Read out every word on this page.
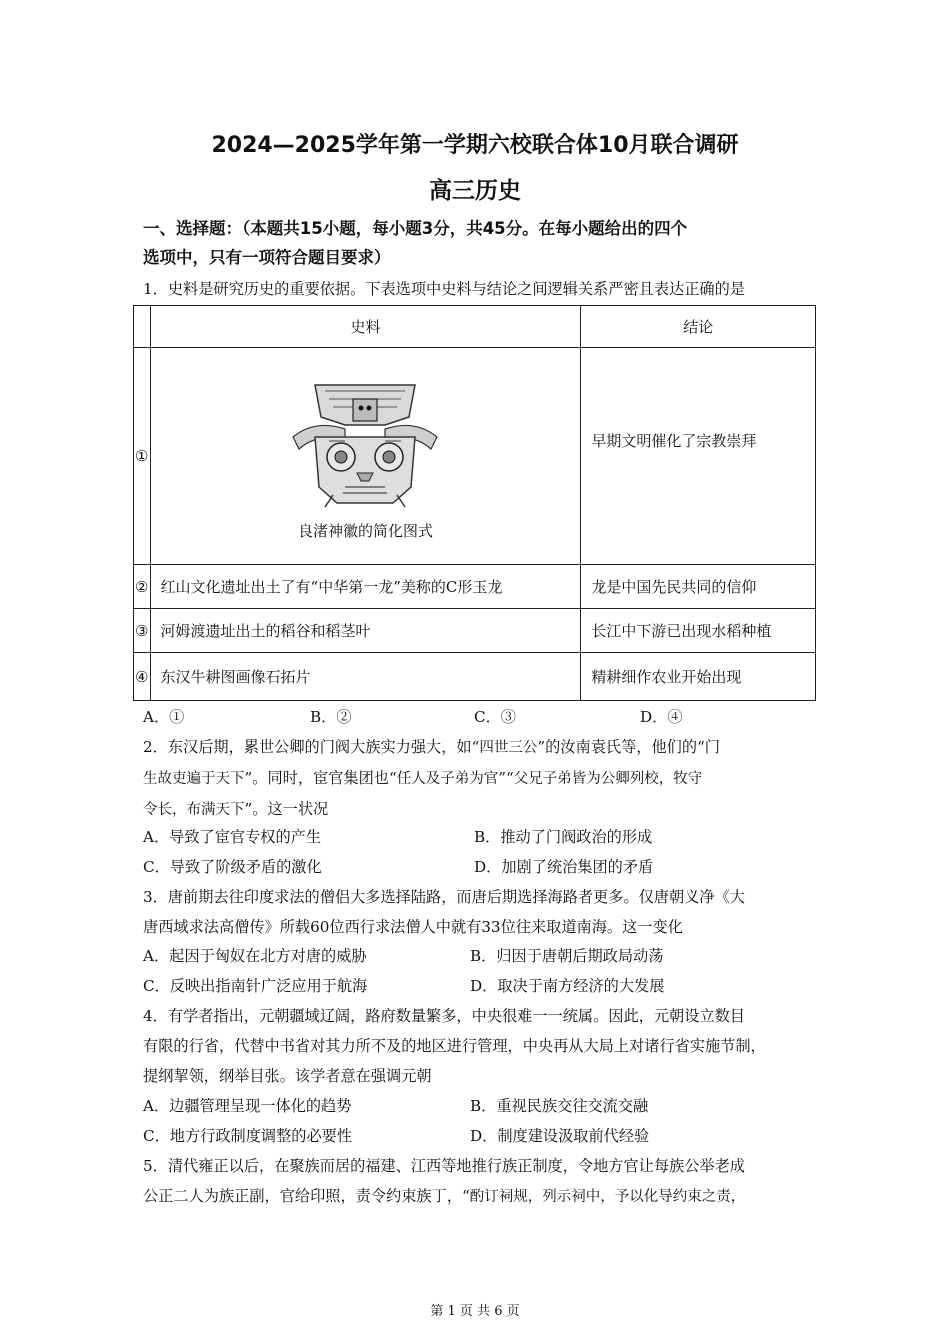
2024—2025学年第一学期六校联合体10月联合调研
高三历史
一、选择题：（本题共15小题，每小题3分，共45分。在每小题给出的四个
选项中，只有一项符合题目要求）
1．史料是研究历史的重要依据。下表选项中史料与结论之间逻辑关系严密且表达正确的是
	史料	结论
①	良渚神徽的简化图式	早期文明催化了宗教崇拜
②	红山文化遗址出土了有“中华第一龙”美称的C形玉龙	龙是中国先民共同的信仰
③	河姆渡遗址出土的稻谷和稻茎叶	长江中下游已出现水稻种植
④	东汉牛耕图画像石拓片	精耕细作农业开始出现
A．①	B．②	C．③	D．④
2．东汉后期，累世公卿的门阀大族实力强大，如“四世三公”的汝南袁氏等，他们的“门
生故吏遍于天下”。同时，宦官集团也“任人及子弟为官”“父兄子弟皆为公卿列校，牧守
令长，布满天下”。这一状况
A．导致了宦官专权的产生	B．推动了门阀政治的形成
C．导致了阶级矛盾的激化	D．加剧了统治集团的矛盾
3．唐前期去往印度求法的僧侣大多选择陆路，而唐后期选择海路者更多。仅唐朝义净《大
唐西域求法高僧传》所载60位西行求法僧人中就有33位往来取道南海。这一变化
A．起因于匈奴在北方对唐的威胁	B．归因于唐朝后期政局动荡
C．反映出指南针广泛应用于航海	D．取决于南方经济的大发展
4．有学者指出，元朝疆域辽阔，路府数量繁多，中央很难一一统属。因此，元朝设立数目
有限的行省，代替中书省对其力所不及的地区进行管理，中央再从大局上对诸行省实施节制，
提纲挈领，纲举目张。该学者意在强调元朝
A．边疆管理呈现一体化的趋势	B．重视民族交往交流交融
C．地方行政制度调整的必要性	D．制度建设汲取前代经验
5．清代雍正以后，在聚族而居的福建、江西等地推行族正制度，令地方官让每族公举老成
公正二人为族正副，官给印照，责令约束族丁，“酌订祠规，列示祠中，予以化导约束之责，
第 1 页 共 6 页
